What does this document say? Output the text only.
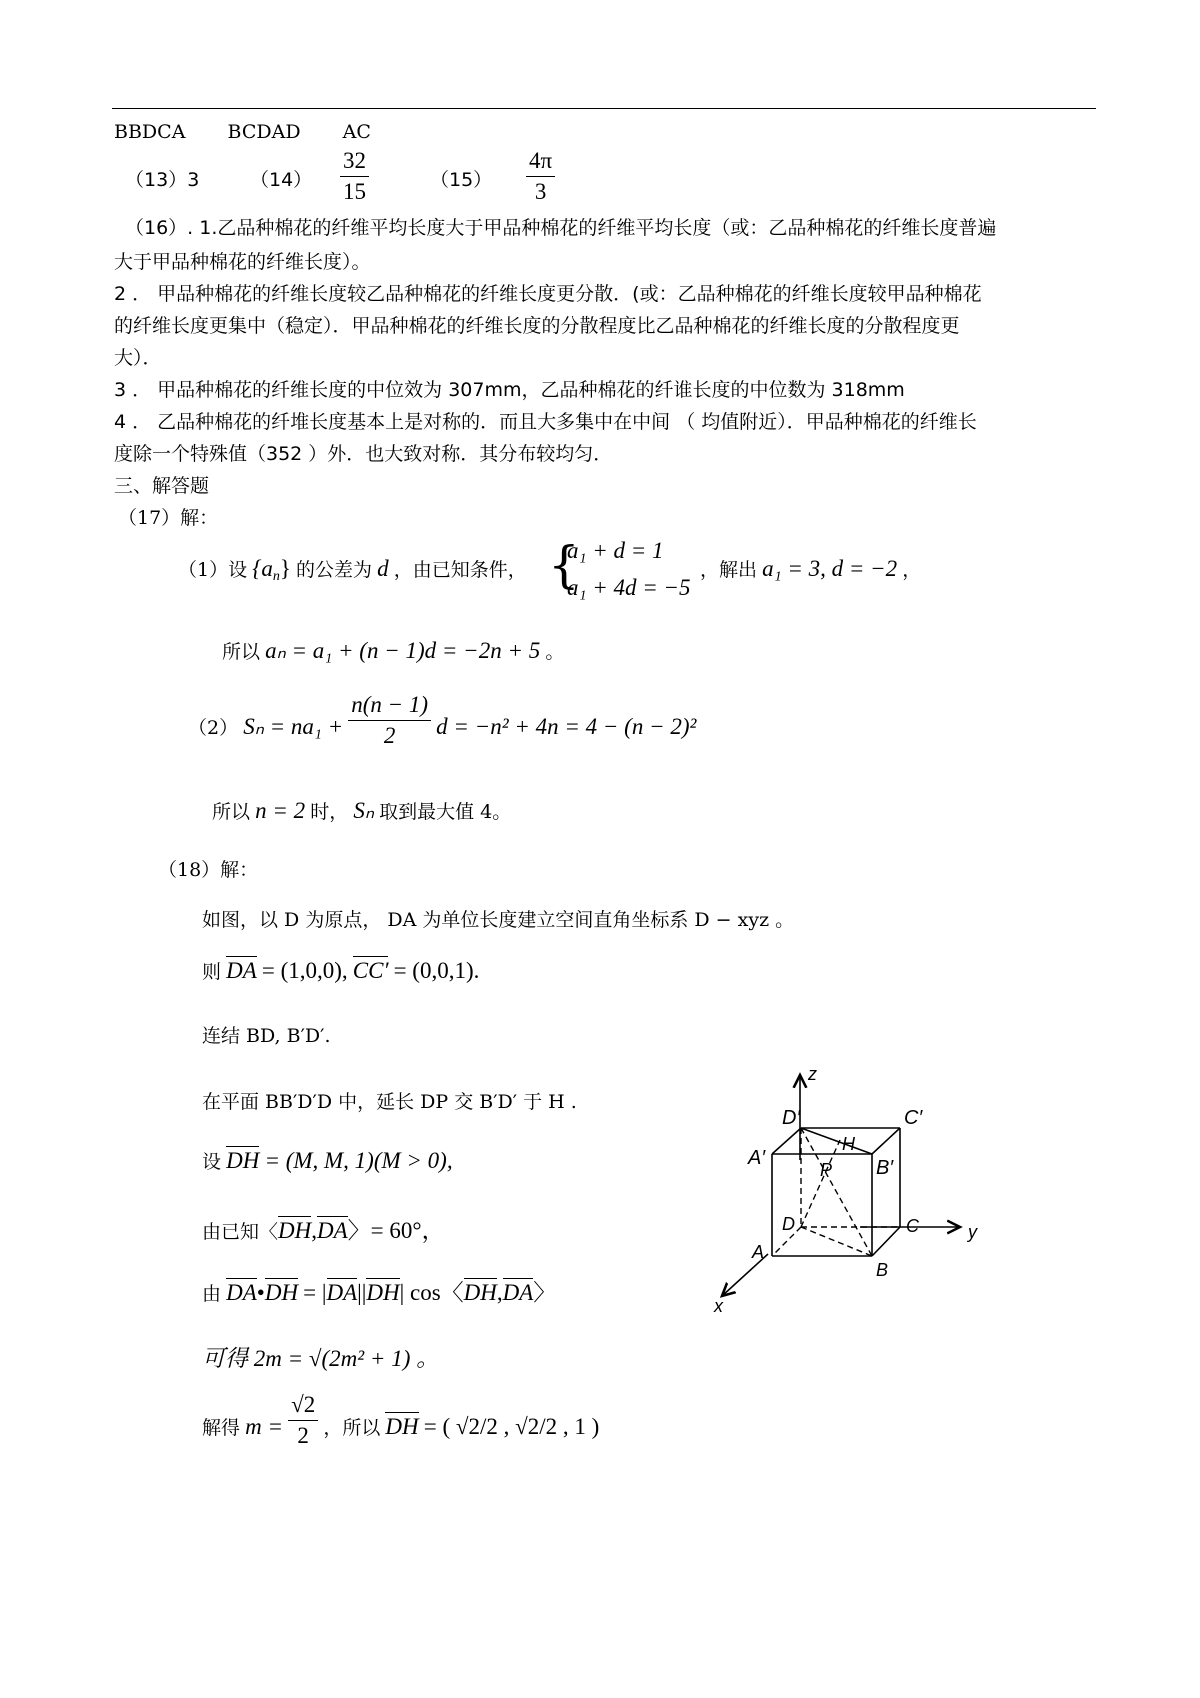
BBDCA BCDAD AC
（13）3	$(14) \frac{32}{15}$	$(15) \frac{4\pi}{3}$
（16）. 1.乙品种棉花的纤维平均长度大于甲品种棉花的纤维平均长度（或：乙品种棉花的纤维长度普遍
大于甲品种棉花的纤维长度）。
2 ． 甲品种棉花的纤维长度较乙品种棉花的纤维长度更分散．(或：乙品种棉花的纤维长度较甲品种棉花
的纤维长度更集中（稳定）．甲品种棉花的纤维长度的分散程度比乙品种棉花的纤维长度的分散程度更
大）．
3 ． 甲品种棉花的纤维长度的中位效为 307mm，乙品种棉花的纤谁长度的中位数为 318mm
4 ． 乙品种棉花的纤堆长度基本上是对称的．而且大多集中在中间 （ 均值附近）．甲品种棉花的纤维长
度除一个特殊值（352 ）外．也大致对称．其分布较均匀．
三、解答题
（17）解：
（1）设 $\{a_n\}$ 的公差为 d ，由已知条件， {
a₁ + d = 1
a₁ + 4d = −5
，解出 a₁ = 3, d = −2 ，
所以 aₙ = a₁ + (n − 1)d = −2n + 5 。
（2） $S_n = na_1 + \frac{n(n - 1)}{2}$ d = −n² + 4n = 4 − (n − 2)²
所以 n = 2 时， Sₙ 取到最大值 4。
（18）解：
如图，以 D 为原点， DA 为单位长度建立空间直角坐标系 D − xyz 。
则 DA = (1,0,0), CC′ = (0,0,1).
连结 BD, B′D′.
在平面 BB′D′D 中，延长 DP 交 B′D′ 于 H .
设 DH = (M, M, 1)(M > 0),
由已知〈DH,DA〉= 60°，
由 DA•DH = |DA||DH| cos〈DH,DA〉
可得 2m = √(2m² + 1) 。
解得 $m = \frac{√2}{2}$ ，所以 DH = ( √2/2 , √2/2 , 1 )
z
y
x
D′	C′
A′	B′
H
P
D	C
A
B
